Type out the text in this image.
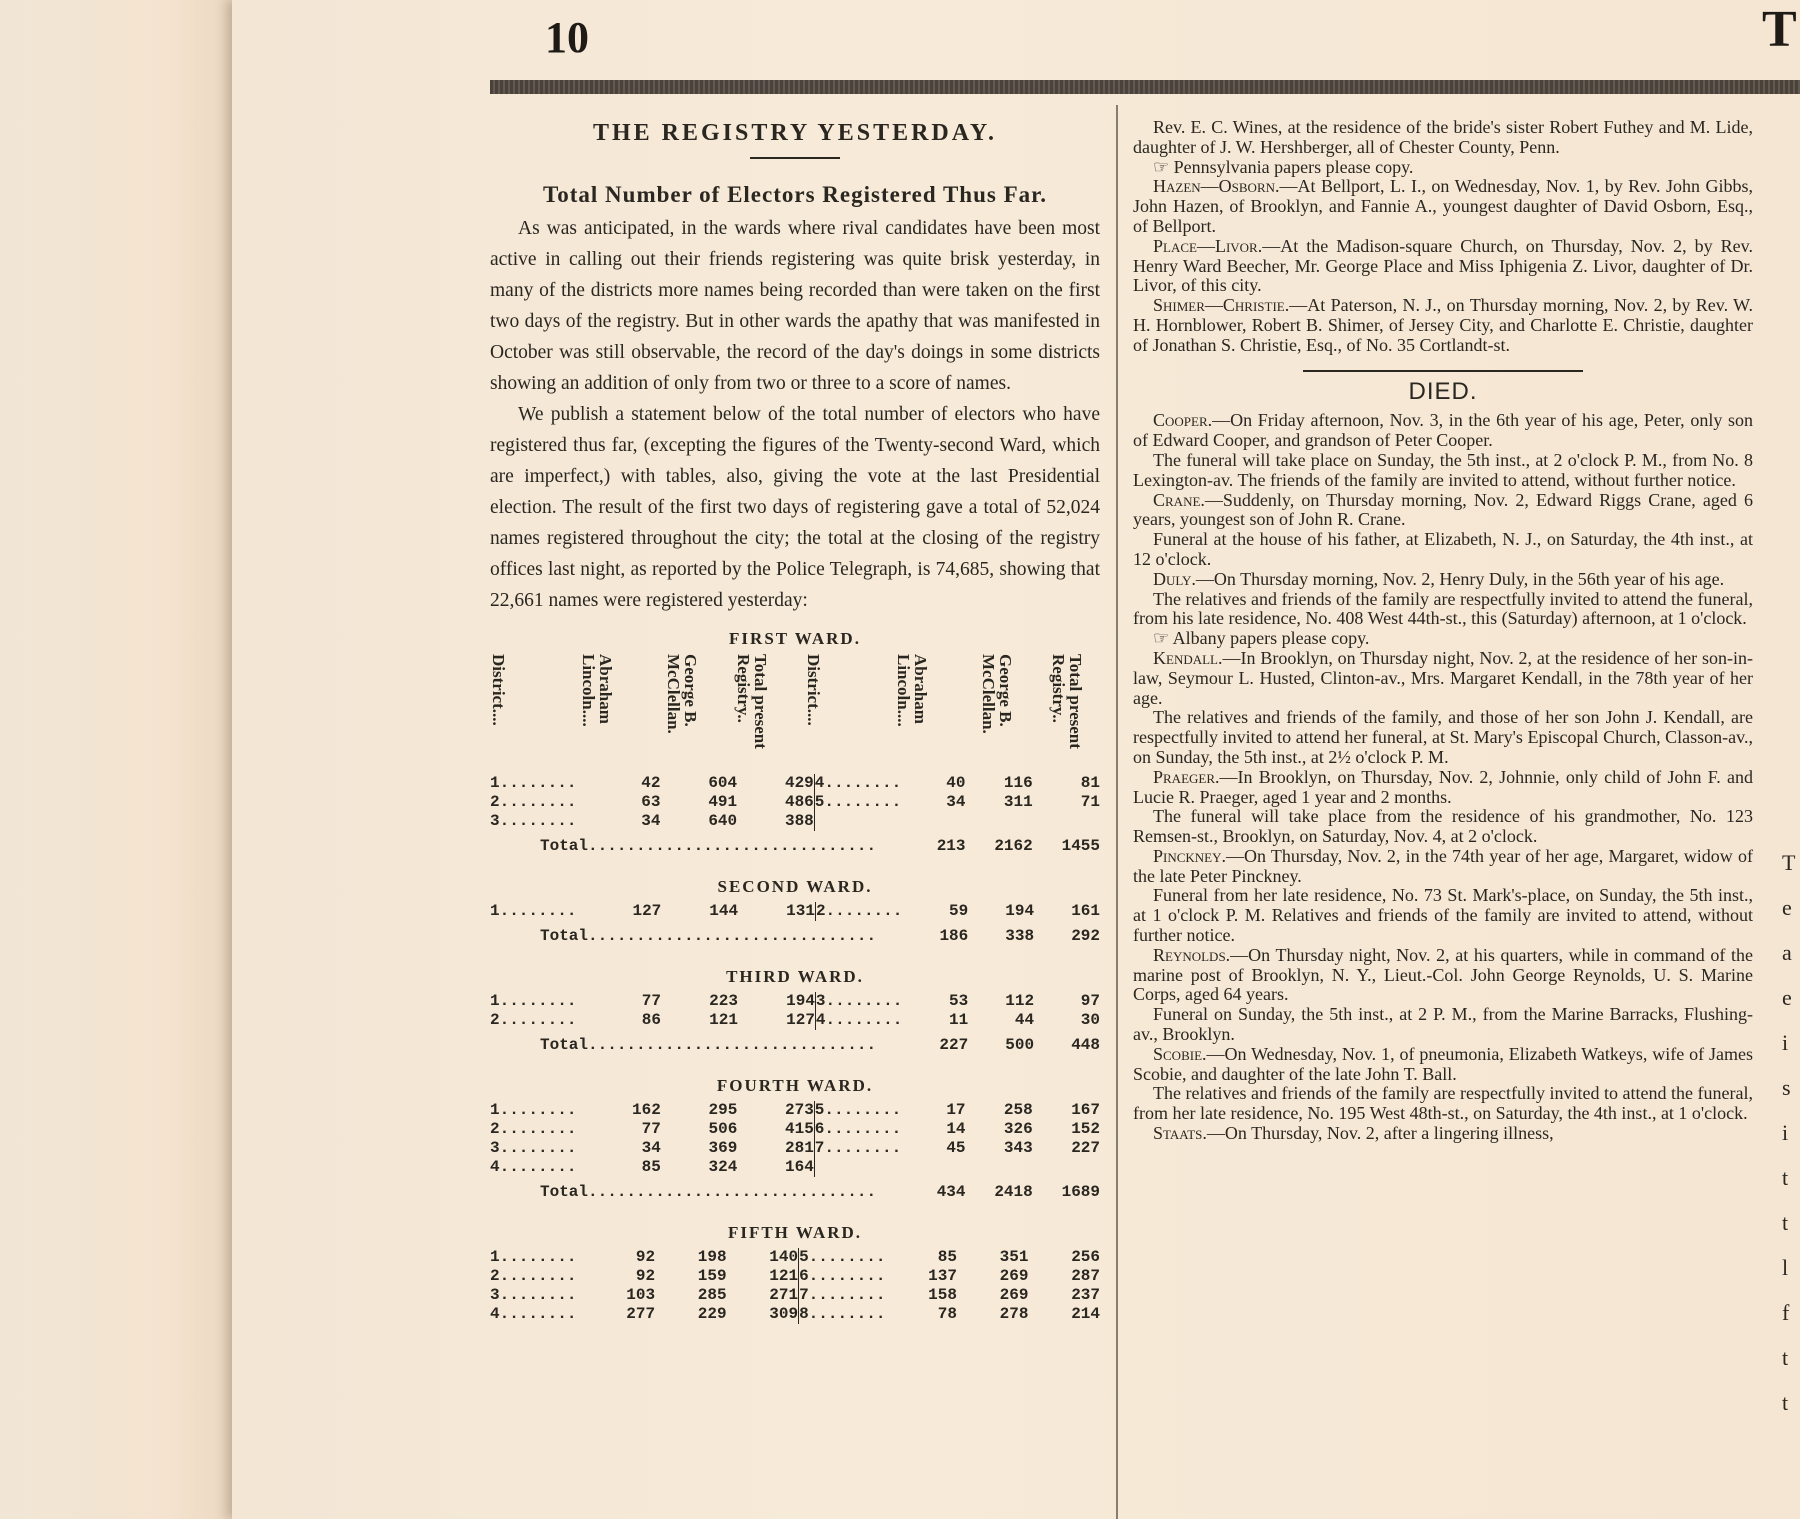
10	T
THE REGISTRY YESTERDAY.
Total Number of Electors Registered Thus Far.

As was anticipated, in the wards where rival candidates have been most active in calling out their friends registering was quite brisk yesterday, in many of the districts more names being recorded than were taken on the first two days of the registry. But in other wards the apathy that was manifested in October was still observable, the record of the day's doings in some districts showing an addition of only from two or three to a score of names.

We publish a statement below of the total number of electors who have registered thus far, (excepting the figures of the Twenty-second Ward, which are imperfect,) with tables, also, giving the vote at the last Presidential election. The result of the first two days of registering gave a total of 52,024 names registered throughout the city; the total at the closing of the registry offices last night, as reported by the Police Telegraph, is 74,685, showing that 22,661 names were registered yesterday:

FIRST WARD.
District....	Abraham Lincoln....	George B. McClellan.	Total present Registry..	District....	Abraham Lincoln....	George B. McClellan.	Total present Registry..
1........	42	604	429	4........	40	116	81
2........	63	491	486	5........	34	311	71
3........	34	640	388				
Total..............................					213	2162	1455
SECOND WARD.
1........	127	144	131	2........	59	194	161
Total..............................					186	338	292
THIRD WARD.
1........	77	223	194	3........	53	112	97
2........	86	121	127	4........	11	44	30
Total..............................					227	500	448
FOURTH WARD.
1........	162	295	273	5........	17	258	167
2........	77	506	415	6........	14	326	152
3........	34	369	281	7........	45	343	227
4........	85	324	164				
Total..............................					434	2418	1689
FIFTH WARD.
1........	92	198	140	5........	85	351	256
2........	92	159	121	6........	137	269	287
3........	103	285	271	7........	158	269	237
4........	277	229	309	8........	78	278	214

Rev. E. C. Wines, at the residence of the bride's sister Robert Futhey and M. Lide, daughter of J. W. Hershberger, all of Chester County, Penn.

☞ Pennsylvania papers please copy.

Hazen—Osborn.—At Bellport, L. I., on Wednesday, Nov. 1, by Rev. John Gibbs, John Hazen, of Brooklyn, and Fannie A., youngest daughter of David Osborn, Esq., of Bellport.

Place—Livor.—At the Madison-square Church, on Thursday, Nov. 2, by Rev. Henry Ward Beecher, Mr. George Place and Miss Iphigenia Z. Livor, daughter of Dr. Livor, of this city.

Shimer—Christie.—At Paterson, N. J., on Thursday morning, Nov. 2, by Rev. W. H. Hornblower, Robert B. Shimer, of Jersey City, and Charlotte E. Christie, daughter of Jonathan S. Christie, Esq., of No. 35 Cortlandt-st.

DIED.

Cooper.—On Friday afternoon, Nov. 3, in the 6th year of his age, Peter, only son of Edward Cooper, and grandson of Peter Cooper.

The funeral will take place on Sunday, the 5th inst., at 2 o'clock P. M., from No. 8 Lexington-av. The friends of the family are invited to attend, without further notice.

Crane.—Suddenly, on Thursday morning, Nov. 2, Edward Riggs Crane, aged 6 years, youngest son of John R. Crane.

Funeral at the house of his father, at Elizabeth, N. J., on Saturday, the 4th inst., at 12 o'clock.

Duly.—On Thursday morning, Nov. 2, Henry Duly, in the 56th year of his age.

The relatives and friends of the family are respectfully invited to attend the funeral, from his late residence, No. 408 West 44th-st., this (Saturday) afternoon, at 1 o'clock.

☞ Albany papers please copy.

Kendall.—In Brooklyn, on Thursday night, Nov. 2, at the residence of her son-in-law, Seymour L. Husted, Clinton-av., Mrs. Margaret Kendall, in the 78th year of her age.

The relatives and friends of the family, and those of her son John J. Kendall, are respectfully invited to attend her funeral, at St. Mary's Episcopal Church, Classon-av., on Sunday, the 5th inst., at 2½ o'clock P. M.

Praeger.—In Brooklyn, on Thursday, Nov. 2, Johnnie, only child of John F. and Lucie R. Praeger, aged 1 year and 2 months.

The funeral will take place from the residence of his grandmother, No. 123 Remsen-st., Brooklyn, on Saturday, Nov. 4, at 2 o'clock.

Pinckney.—On Thursday, Nov. 2, in the 74th year of her age, Margaret, widow of the late Peter Pinckney.

Funeral from her late residence, No. 73 St. Mark's-place, on Sunday, the 5th inst., at 1 o'clock P. M. Relatives and friends of the family are invited to attend, without further notice.

Reynolds.—On Thursday night, Nov. 2, at his quarters, while in command of the marine post of Brooklyn, N. Y., Lieut.-Col. John George Reynolds, U. S. Marine Corps, aged 64 years.

Funeral on Sunday, the 5th inst., at 2 P. M., from the Marine Barracks, Flushing-av., Brooklyn.

Scobie.—On Wednesday, Nov. 1, of pneumonia, Elizabeth Watkeys, wife of James Scobie, and daughter of the late John T. Ball.

The relatives and friends of the family are respectfully invited to attend the funeral, from her late residence, No. 195 West 48th-st., on Saturday, the 4th inst., at 1 o'clock.

Staats.—On Thursday, Nov. 2, after a lingering illness,

T
e
a
e
i
s
i
t
t
l
f
t
t
